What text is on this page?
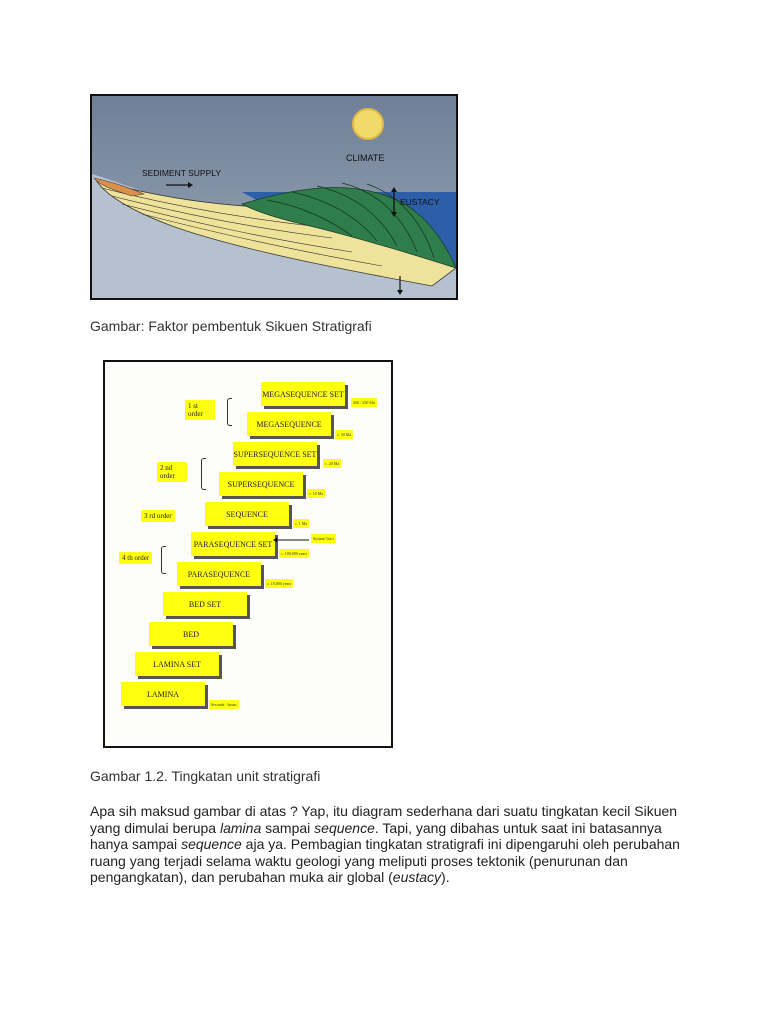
SEDIMENT SUPPLY
CLIMATE
EUSTACY
Gambar: Faktor pembentuk Sikuen Stratigrafi
1 st order
2 nd order
3 rd order
4 th order
MEGASEQUENCE SET
200 - 250 Ma
MEGASEQUENCE
c. 50 Ma
SUPERSEQUENCE SET
c. 20 Ma
SUPERSEQUENCE
c. 10 Ma
SEQUENCE
c. 1 Ma
PARASEQUENCE SET
System Tract
c. 100,000 years
PARASEQUENCE
c. 10,000 years
BED SET
BED
LAMINA SET
LAMINA
Seconds - hours
Gambar 1.2. Tingkatan unit stratigrafi
Apa sih maksud gambar di atas ? Yap, itu diagram sederhana dari suatu tingkatan kecil Sikuen yang dimulai berupa lamina sampai sequence. Tapi, yang dibahas untuk saat ini batasannya hanya sampai sequence aja ya. Pembagian tingkatan stratigrafi ini dipengaruhi oleh perubahan ruang yang terjadi selama waktu geologi yang meliputi proses tektonik (penurunan dan pengangkatan), dan perubahan muka air global (eustacy).
